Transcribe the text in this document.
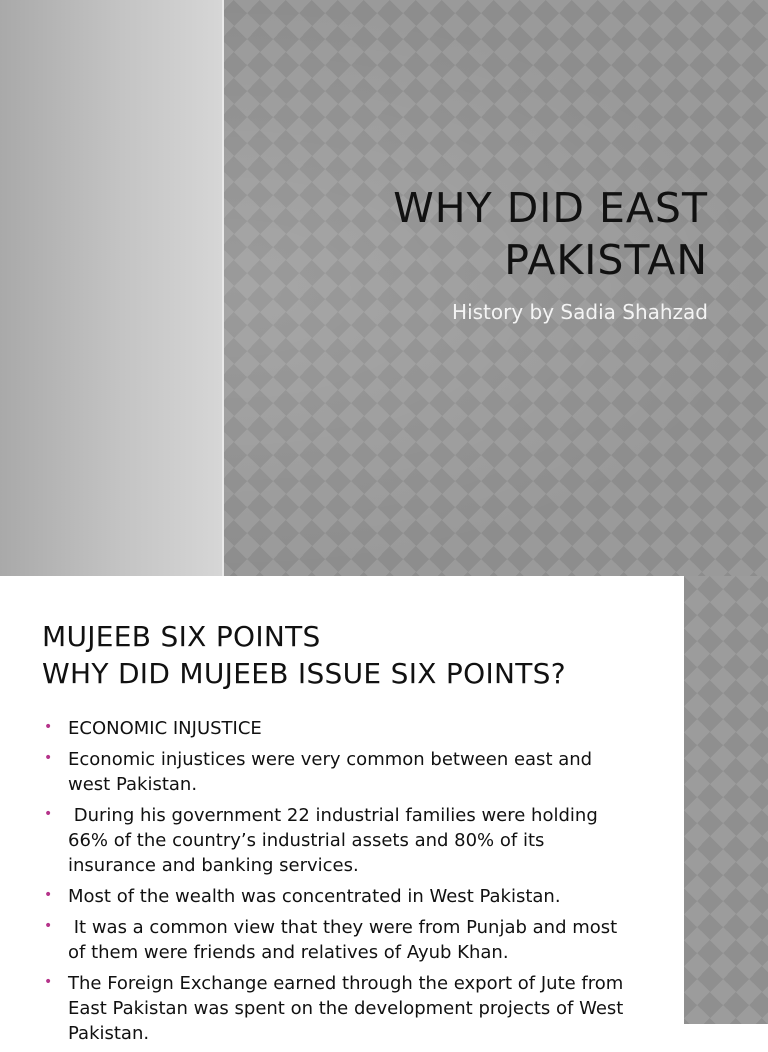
WHY DID EAST
PAKISTAN
History by Sadia Shahzad
MUJEEB SIX POINTS
WHY DID MUJEEB ISSUE SIX POINTS?
• ECONOMIC INJUSTICE
• Economic injustices were very common between east and west Pakistan.
• During his government 22 industrial families were holding 66% of the country’s industrial assets and 80% of its insurance and banking services.
• Most of the wealth was concentrated in West Pakistan.
• It was a common view that they were from Punjab and most of them were friends and relatives of Ayub Khan.
• The Foreign Exchange earned through the export of Jute from East Pakistan was spent on the development projects of West Pakistan.
